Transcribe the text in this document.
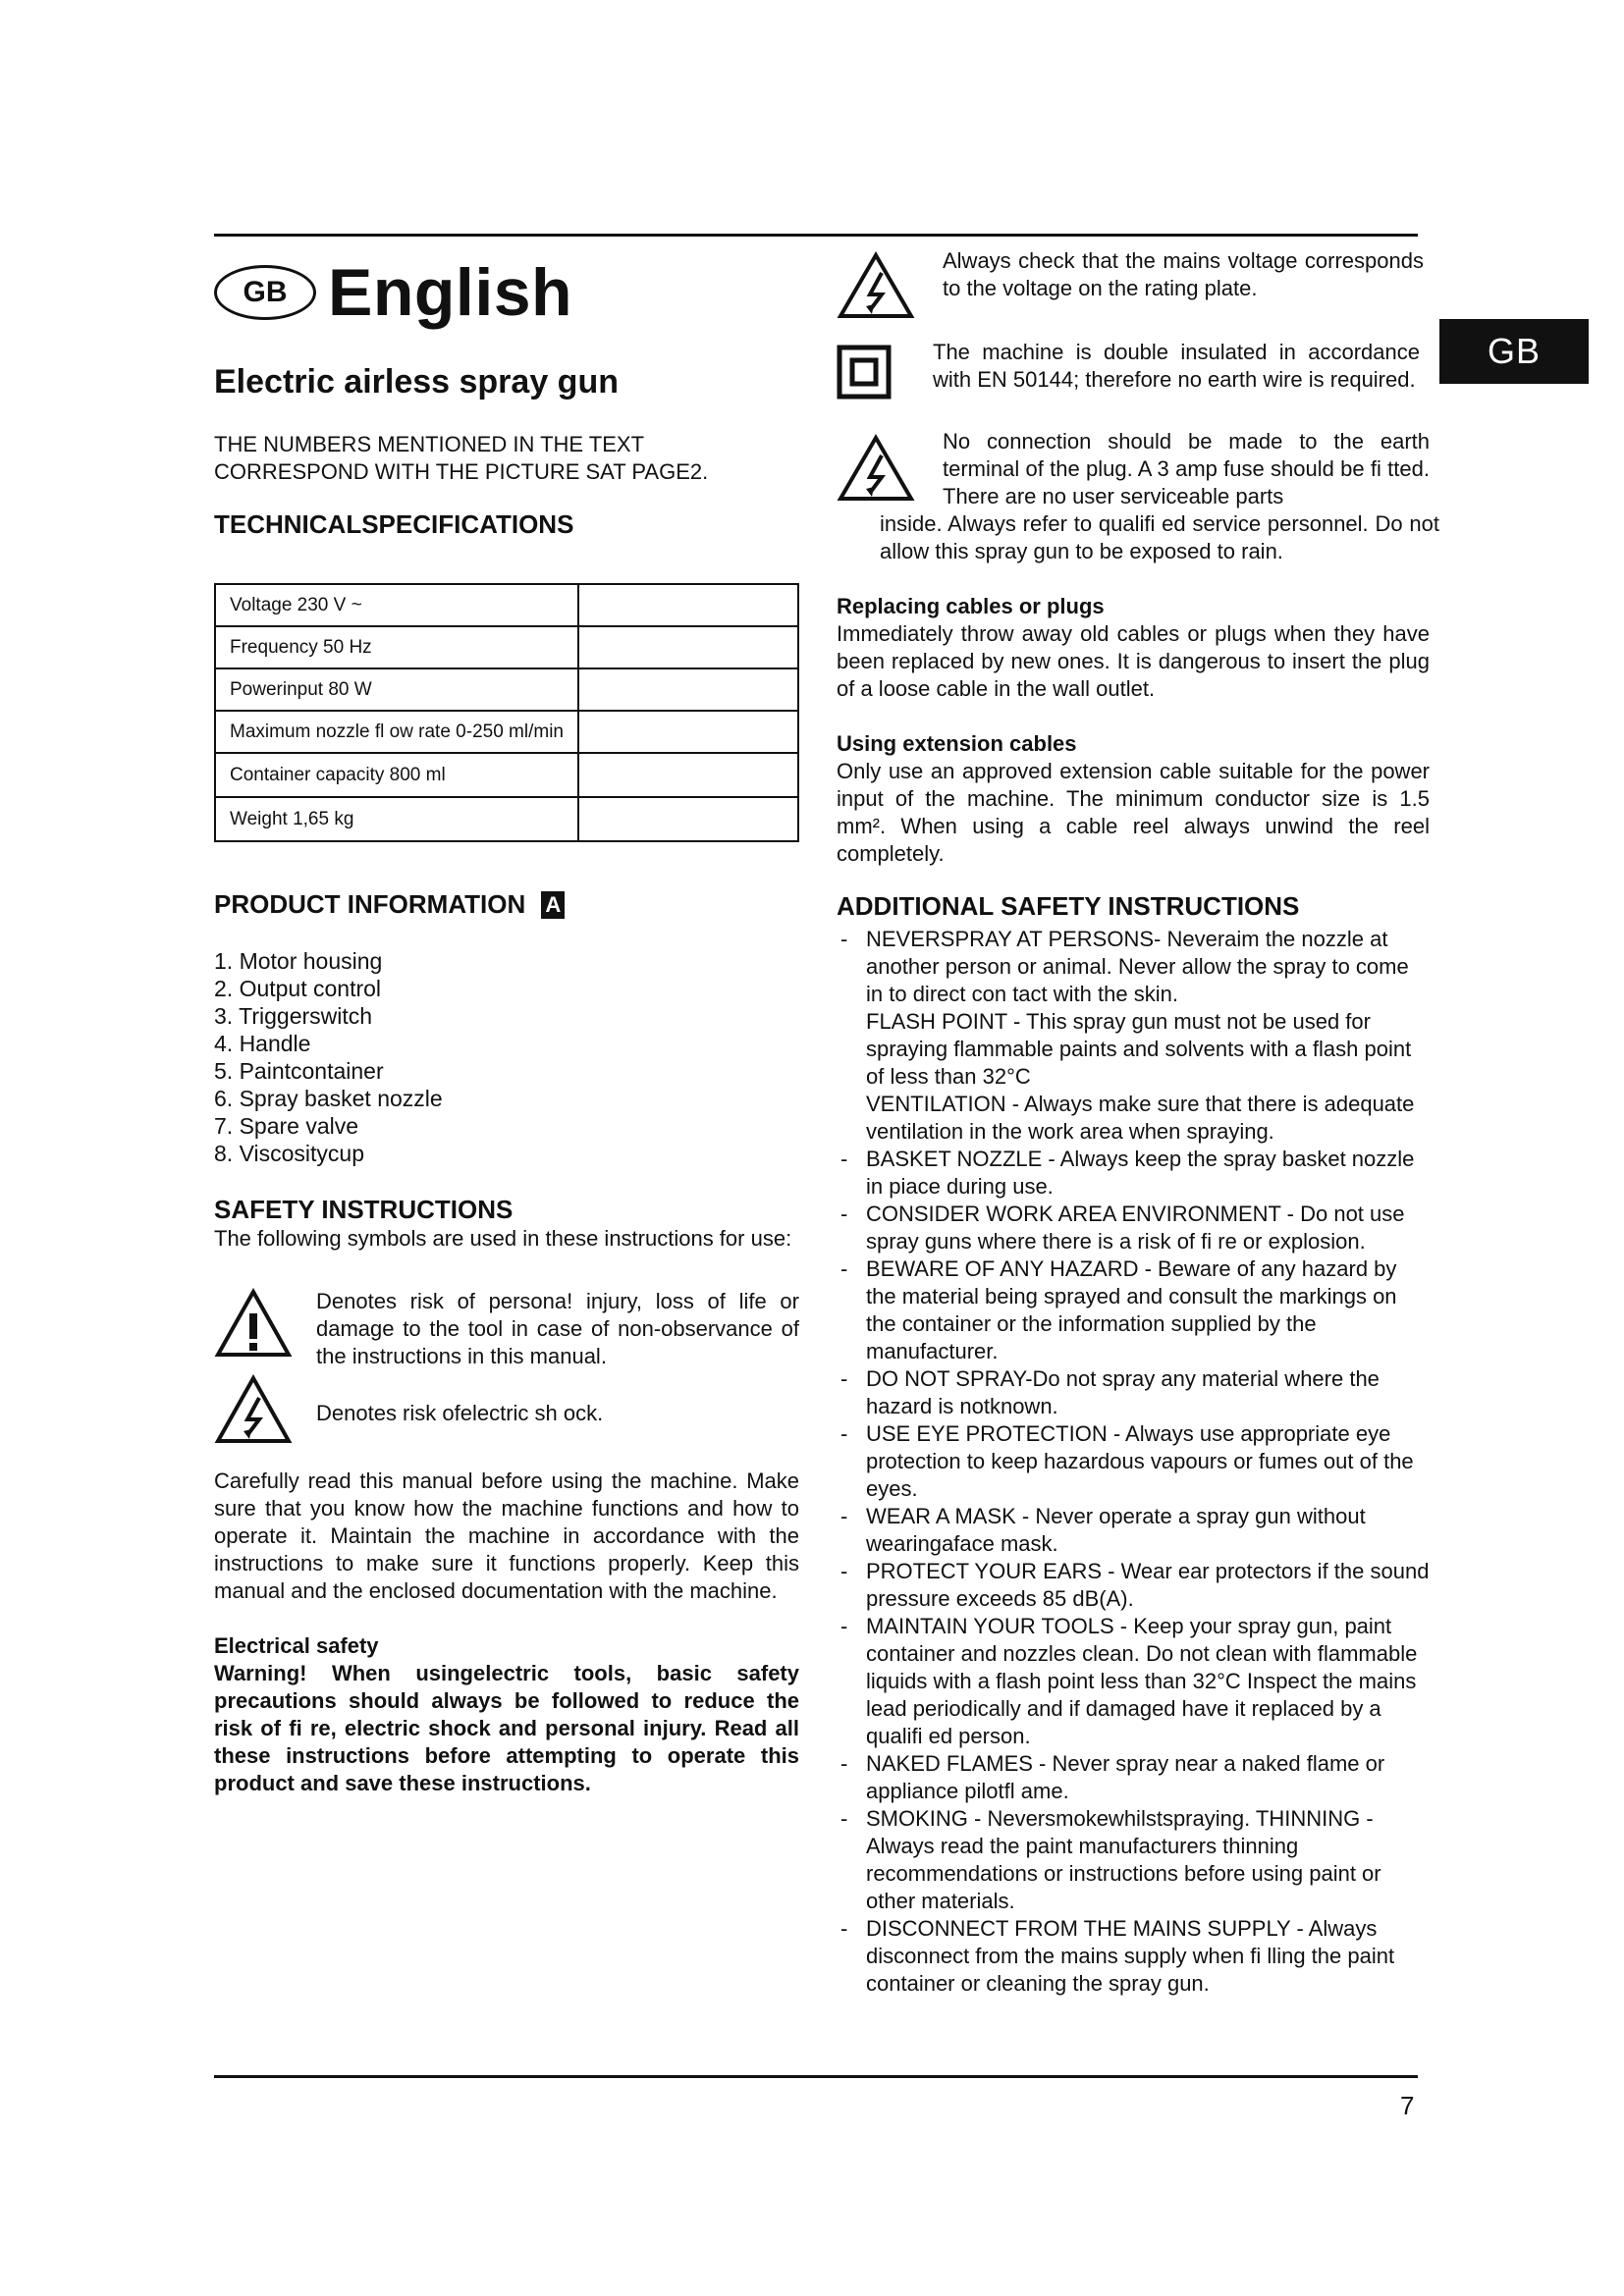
GB
GB English
Electric airless spray gun

THE NUMBERS MENTIONED IN THE TEXT

CORRESPOND WITH THE PICTURE SAT PAGE2.

TECHNICALSPECIFICATIONS
Voltage 230 V ~	
Frequency 50 Hz	
Powerinput 80 W	
Maximum nozzle fl ow rate 0-250 ml/min	
Container capacity 800 ml	
Weight 1,65 kg	
PRODUCT INFORMATION A
1. Motor housing
2. Output control
3. Triggerswitch
4. Handle
5. Paintcontainer
6. Spray basket nozzle
7. Spare valve
8. Viscositycup
SAFETY INSTRUCTIONS

The following symbols are used in these instructions for use:

Denotes risk of persona! injury, loss of life or damage to the tool in case of non-observance of the instructions in this manual.
Denotes risk ofelectric sh ock.

Carefully read this manual before using the machine. Make sure that you know how the machine functions and how to operate it. Maintain the machine in accordance with the instructions to make sure it functions properly. Keep this manual and the enclosed documentation with the machine.

Electrical safety

Warning! When usingelectric tools, basic safety precautions should always be followed to reduce the risk of fi re, electric shock and personal injury. Read all these instructions before attempting to operate this product and save these instructions.

Always check that the mains voltage corresponds to the voltage on the rating plate.
The machine is double insulated in accordance with EN 50144; therefore no earth wire is required.
No connection should be made to the earth terminal of the plug. A 3 amp fuse should be fi tted. There are no user serviceable parts

inside. Always refer to qualifi ed service personnel. Do not allow this spray gun to be exposed to rain.

Replacing cables or plugs

Immediately throw away old cables or plugs when they have been replaced by new ones. It is dangerous to insert the plug of a loose cable in the wall outlet.

Using extension cables

Only use an approved extension cable suitable for the power input of the machine. The minimum conductor size is 1.5 mm². When using a cable reel always unwind the reel completely.

ADDITIONAL SAFETY INSTRUCTIONS
- NEVERSPRAY AT PERSONS- Neveraim the nozzle at another person or animal. Never allow the spray to come in to direct con tact with the skin.
FLASH POINT - This spray gun must not be used for spraying flammable paints and solvents with a flash point of less than 32°C
VENTILATION - Always make sure that there is adequate ventilation in the work area when spraying.
- BASKET NOZZLE - Always keep the spray basket nozzle in piace during use.
- CONSIDER WORK AREA ENVIRONMENT - Do not use spray guns where there is a risk of fi re or explosion.
- BEWARE OF ANY HAZARD - Beware of any hazard by the material being sprayed and consult the markings on the container or the information supplied by the manufacturer.
- DO NOT SPRAY-Do not spray any material where the hazard is notknown.
- USE EYE PROTECTION - Always use appropriate eye protection to keep hazardous vapours or fumes out of the eyes.
- WEAR A MASK - Never operate a spray gun without wearingaface mask.
- PROTECT YOUR EARS - Wear ear protectors if the sound pressure exceeds 85 dB(A).
- MAINTAIN YOUR TOOLS - Keep your spray gun, paint container and nozzles clean. Do not clean with flammable liquids with a flash point less than 32°C Inspect the mains lead periodically and if damaged have it replaced by a qualifi ed person.
- NAKED FLAMES - Never spray near a naked flame or appliance pilotfl ame.
- SMOKING - Neversmokewhilstspraying. THINNING - Always read the paint manufacturers thinning recommendations or instructions before using paint or other materials.
- DISCONNECT FROM THE MAINS SUPPLY - Always disconnect from the mains supply when fi lling the paint container or cleaning the spray gun.
7
